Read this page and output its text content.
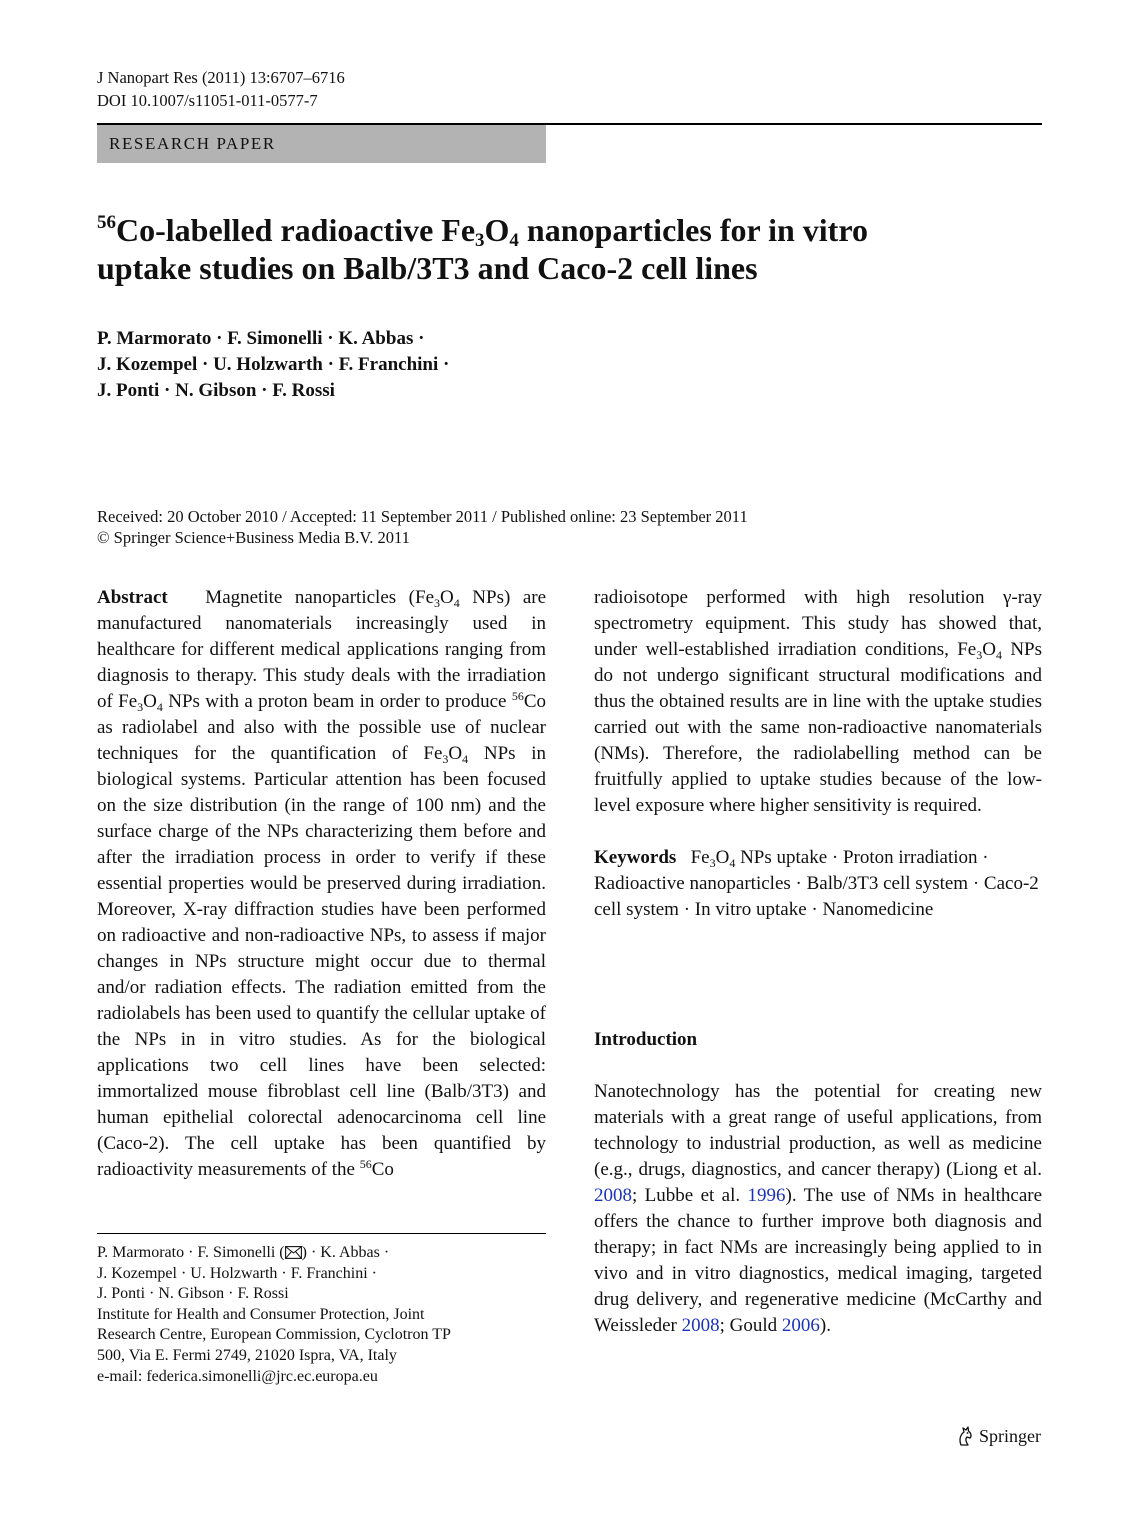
J Nanopart Res (2011) 13:6707–6716
DOI 10.1007/s11051-011-0577-7
RESEARCH PAPER
$^{56}$Co-labelled radioactive $Fe_3O_4$ nanoparticles for in vitro
uptake studies on Balb/3T3 and Caco-2 cell lines
P. Marmorato · F. Simonelli · K. Abbas ·
J. Kozempel · U. Holzwarth · F. Franchini ·
J. Ponti · N. Gibson · F. Rossi
Received: 20 October 2010 / Accepted: 11 September 2011 / Published online: 23 September 2011
© Springer Science+Business Media B.V. 2011

Abstract Magnetite nanoparticles ($Fe_3O_4$ NPs) are manufactured nanomaterials increasingly used in healthcare for different medical applications ranging from diagnosis to therapy. This study deals with the irradiation of $Fe_3O_4$ NPs with a proton beam in order to produce $^{56}$Co as radiolabel and also with the possible use of nuclear techniques for the quantification of $Fe_3O_4$ NPs in biological systems. Particular attention has been focused on the size distribution (in the range of 100 nm) and the surface charge of the NPs characterizing them before and after the irradiation process in order to verify if these essential properties would be preserved during irradiation. Moreover, X-ray diffraction studies have been performed on radioactive and non-radioactive NPs, to assess if major changes in NPs structure might occur due to thermal and/or radiation effects. The radiation emitted from the radiolabels has been used to quantify the cellular uptake of the NPs in in vitro studies. As for the biological applications two cell lines have been selected: immortalized mouse fibroblast cell line (Balb/3T3) and human epithelial colorectal adenocarcinoma cell line (Caco-2). The cell uptake has been quantified by radioactivity measurements of the $^{56}$Co

radioisotope performed with high resolution γ-ray spectrometry equipment. This study has showed that, under well-established irradiation conditions, $Fe_3O_4$ NPs do not undergo significant structural modifications and thus the obtained results are in line with the uptake studies carried out with the same non-radioactive nanomaterials (NMs). Therefore, the radiolabelling method can be fruitfully applied to uptake studies because of the low-level exposure where higher sensitivity is required.

Keywords $Fe_3O_4$ NPs uptake · Proton irradiation · Radioactive nanoparticles · Balb/3T3 cell system · Caco-2 cell system · In vitro uptake · Nanomedicine

Introduction

Nanotechnology has the potential for creating new materials with a great range of useful applications, from technology to industrial production, as well as medicine (e.g., drugs, diagnostics, and cancer therapy) (Liong et al. 2008; Lubbe et al. 1996). The use of NMs in healthcare offers the chance to further improve both diagnosis and therapy; in fact NMs are increasingly being applied to in vivo and in vitro diagnostics, medical imaging, targeted drug delivery, and regenerative medicine (McCarthy and Weissleder 2008; Gould 2006).

P. Marmorato · F. Simonelli ( ) · K. Abbas ·
J. Kozempel · U. Holzwarth · F. Franchini ·
J. Ponti · N. Gibson · F. Rossi
Institute for Health and Consumer Protection, Joint
Research Centre, European Commission, Cyclotron TP
500, Via E. Fermi 2749, 21020 Ispra, VA, Italy
e-mail: federica.simonelli@jrc.ec.europa.eu
Springer
